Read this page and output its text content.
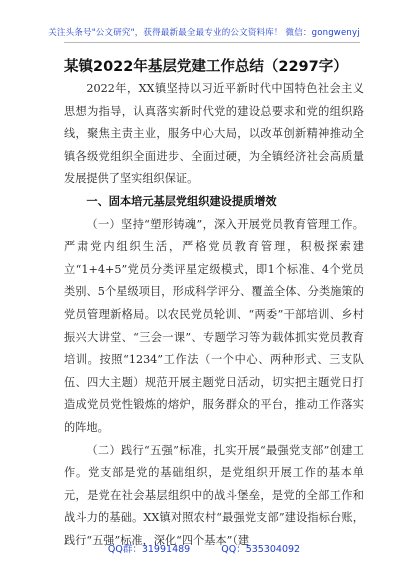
关注头条号"公文研究"，获得最新最全最专业的公文资料库！ 微信：gongwenyj
某镇2022年基层党建工作总结（2297字）

2022年，XX镇坚持以习近平新时代中国特色社会主义思想为指导，认真落实新时代党的建设总要求和党的组织路线，聚焦主责主业，服务中心大局，以改革创新精神推动全镇各级党组织全面进步、全面过硬，为全镇经济社会高质量发展提供了坚实组织保证。

一、固本培元基层党组织建设提质增效

（一）坚持“塑形铸魂”，深入开展党员教育管理工作。严肃党内组织生活，严格党员教育管理，积极探索建立“1+4+5”党员分类评星定级模式，即1个标准、4个党员类别、5个星级项目，形成科学评分、覆盖全体、分类施策的党员管理新格局。以农民党员轮训、“两委”干部培训、乡村振兴大讲堂、“三会一课”、专题学习等为载体抓实党员教育培训。按照“1234”工作法（一个中心、两种形式、三支队伍、四大主题）规范开展主题党日活动，切实把主题党日打造成党员党性锻炼的熔炉，服务群众的平台，推动工作落实的阵地。

（二）践行“五强”标准，扎实开展“最强党支部”创建工作。党支部是党的基础组织，是党组织开展工作的基本单元，是党在社会基层组织中的战斗堡垒，是党的全部工作和战斗力的基础。XX镇对照农村“最强党支部”建设指标台账，践行“五强”标准，深化“四个基本”（建

QQ群：31991489	QQ：535304092
